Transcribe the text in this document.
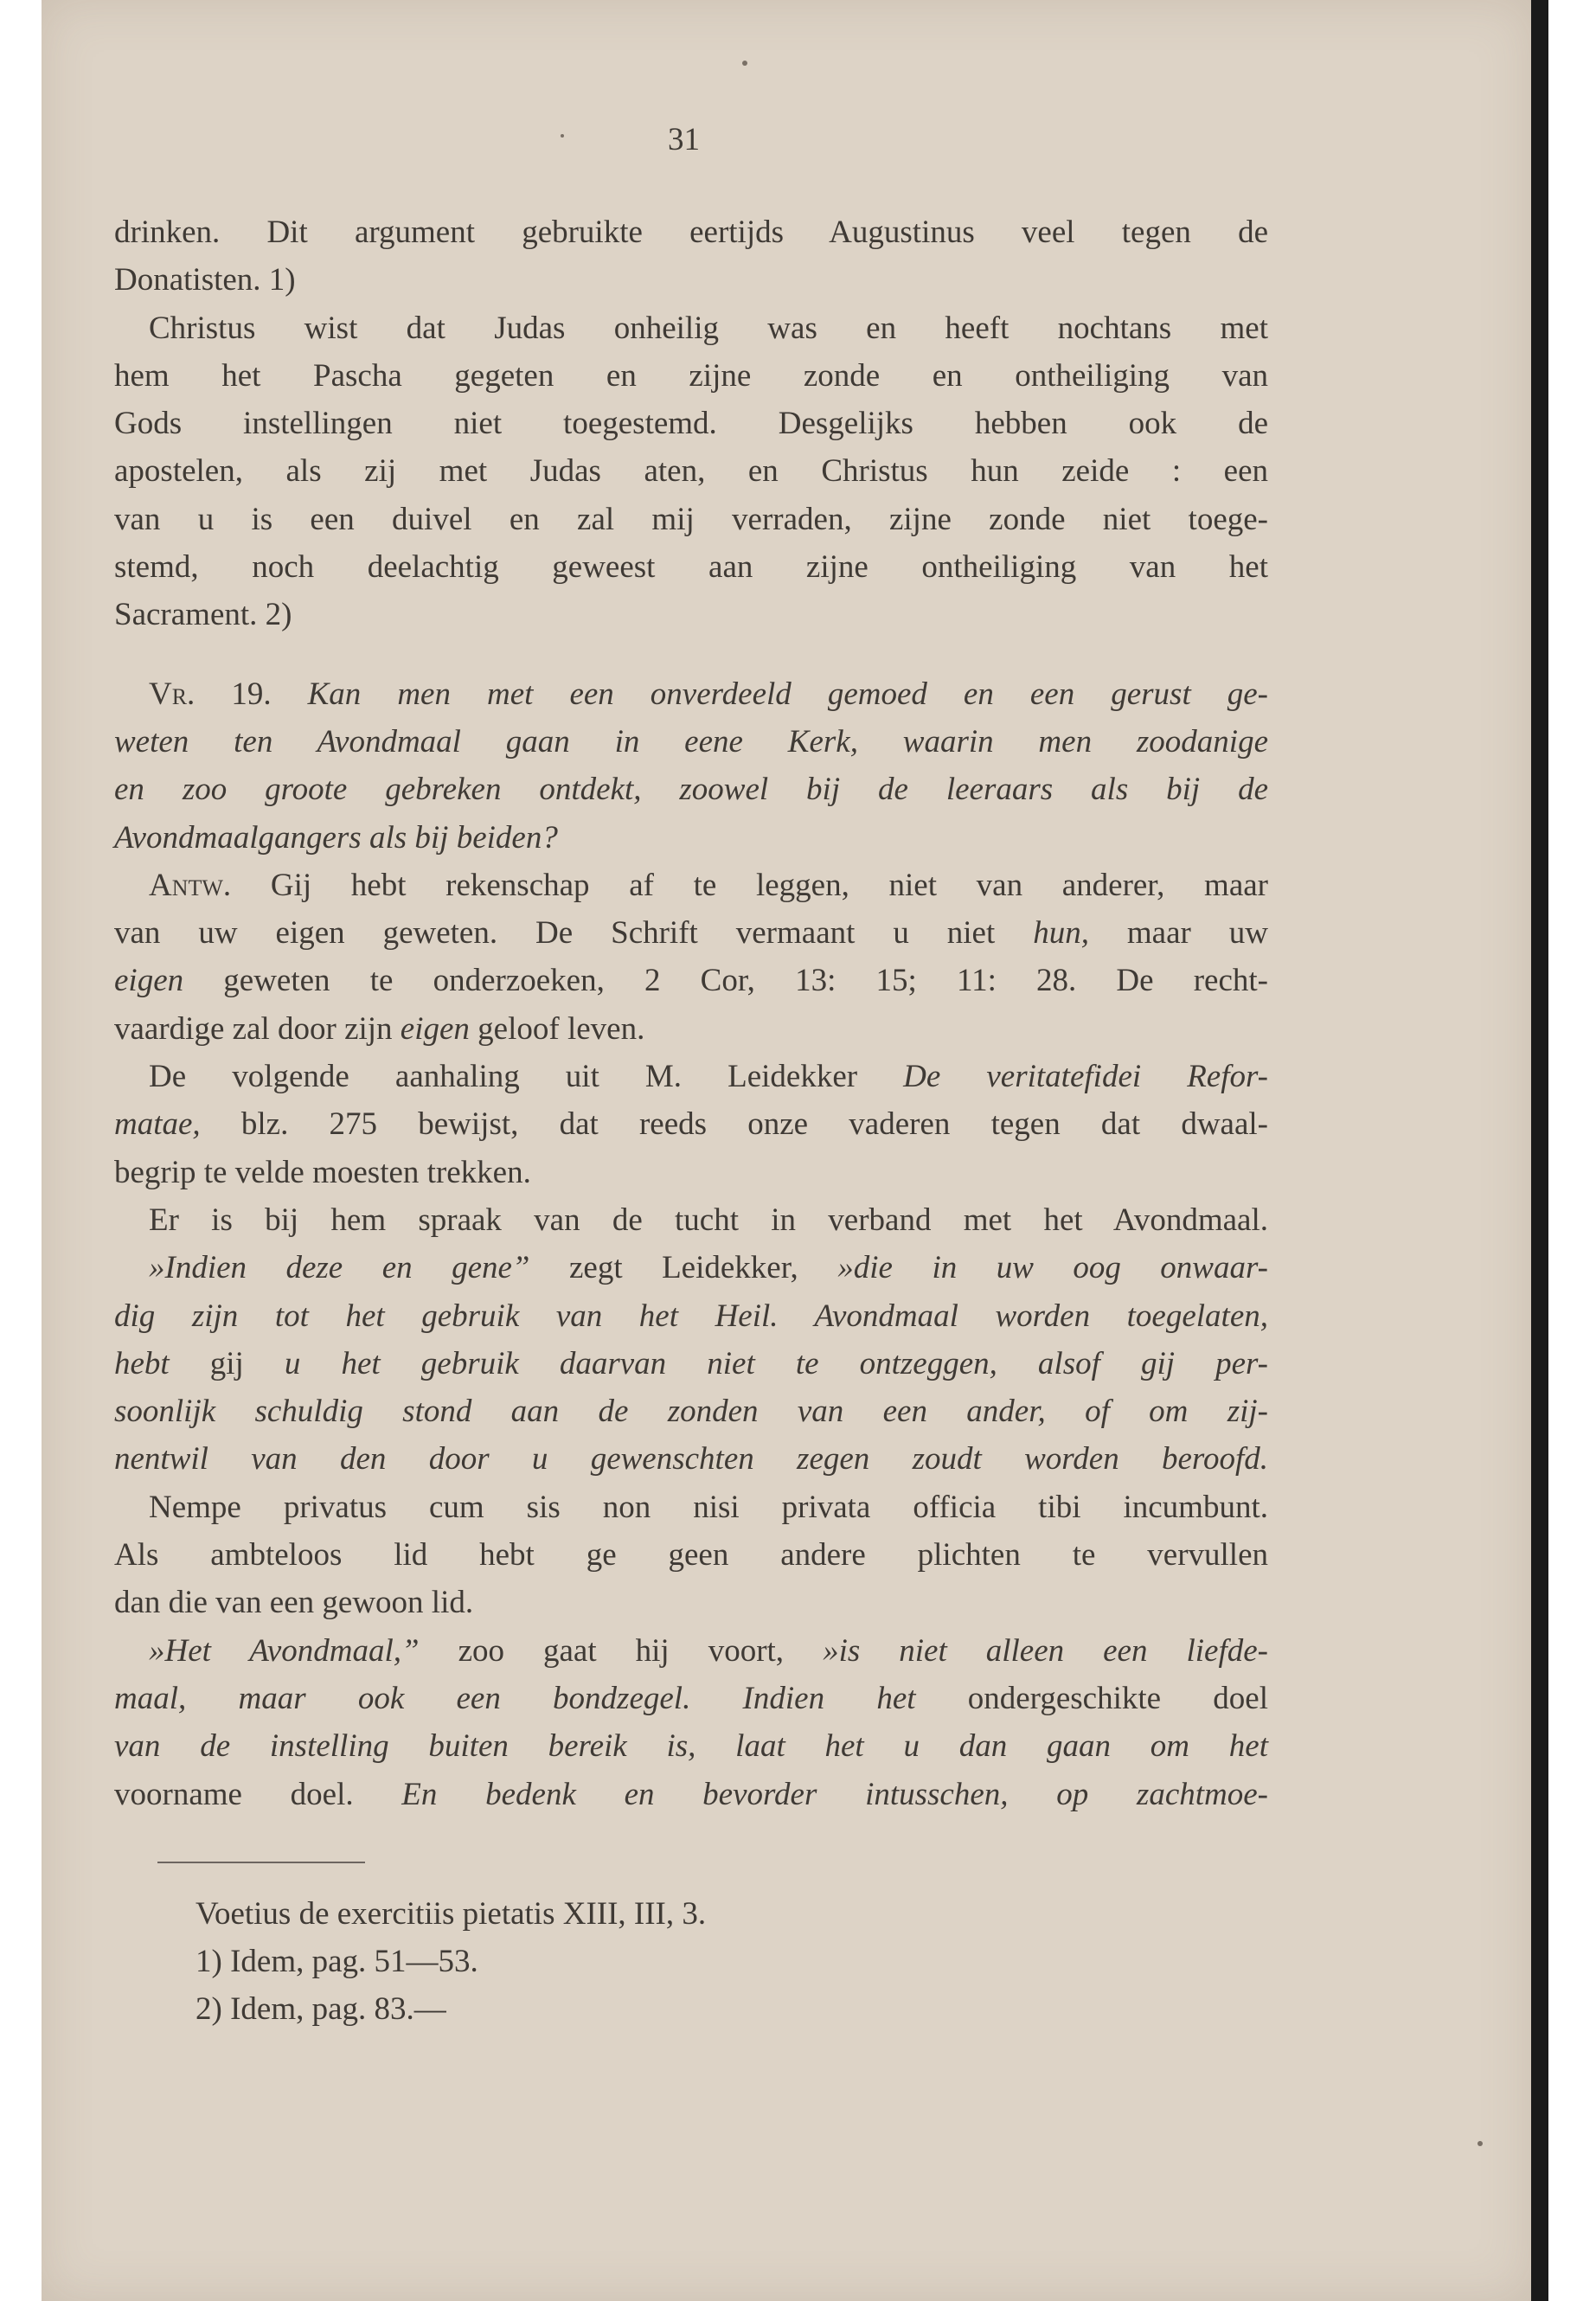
31
drinken. Dit argument gebruikte eertijds Augustinus veel tegen de
Donatisten. 1)
Christus wist dat Judas onheilig was en heeft nochtans met
hem het Pascha gegeten en zijne zonde en ontheiliging van
Gods instellingen niet toegestemd. Desgelijks hebben ook de
apostelen, als zij met Judas aten, en Christus hun zeide : een
van u is een duivel en zal mij verraden, zijne zonde niet toege-
stemd, noch deelachtig geweest aan zijne ontheiliging van het
Sacrament. 2)
Vr. 19. Kan men met een onverdeeld gemoed en een gerust ge-
weten ten Avondmaal gaan in eene Kerk, waarin men zoodanige
en zoo groote gebreken ontdekt, zoowel bij de leeraars als bij de
Avondmaalgangers als bij beiden?
Antw. Gij hebt rekenschap af te leggen, niet van anderer, maar
van uw eigen geweten. De Schrift vermaant u niet hun, maar uw
eigen geweten te onderzoeken, 2 Cor, 13: 15; 11: 28. De recht-
vaardige zal door zijn eigen geloof leven.
De volgende aanhaling uit M. Leidekker De veritatefidei Refor-
matae, blz. 275 bewijst, dat reeds onze vaderen tegen dat dwaal-
begrip te velde moesten trekken.
Er is bij hem spraak van de tucht in verband met het Avondmaal.
»Indien deze en gene” zegt Leidekker, »die in uw oog onwaar-
dig zijn tot het gebruik van het Heil. Avondmaal worden toegelaten,
hebt gij u het gebruik daarvan niet te ontzeggen, alsof gij per-
soonlijk schuldig stond aan de zonden van een ander, of om zij-
nentwil van den door u gewenschten zegen zoudt worden beroofd.
Nempe privatus cum sis non nisi privata officia tibi incumbunt.
Als ambteloos lid hebt ge geen andere plichten te vervullen
dan die van een gewoon lid.
»Het Avondmaal,” zoo gaat hij voort, »is niet alleen een liefde-
maal, maar ook een bondzegel. Indien het ondergeschikte doel
van de instelling buiten bereik is, laat het u dan gaan om het
voorname doel. En bedenk en bevorder intusschen, op zachtmoe-
Voetius de exercitiis pietatis XIII, III, 3.
1) Idem, pag. 51—53.
2) Idem, pag. 83.—
